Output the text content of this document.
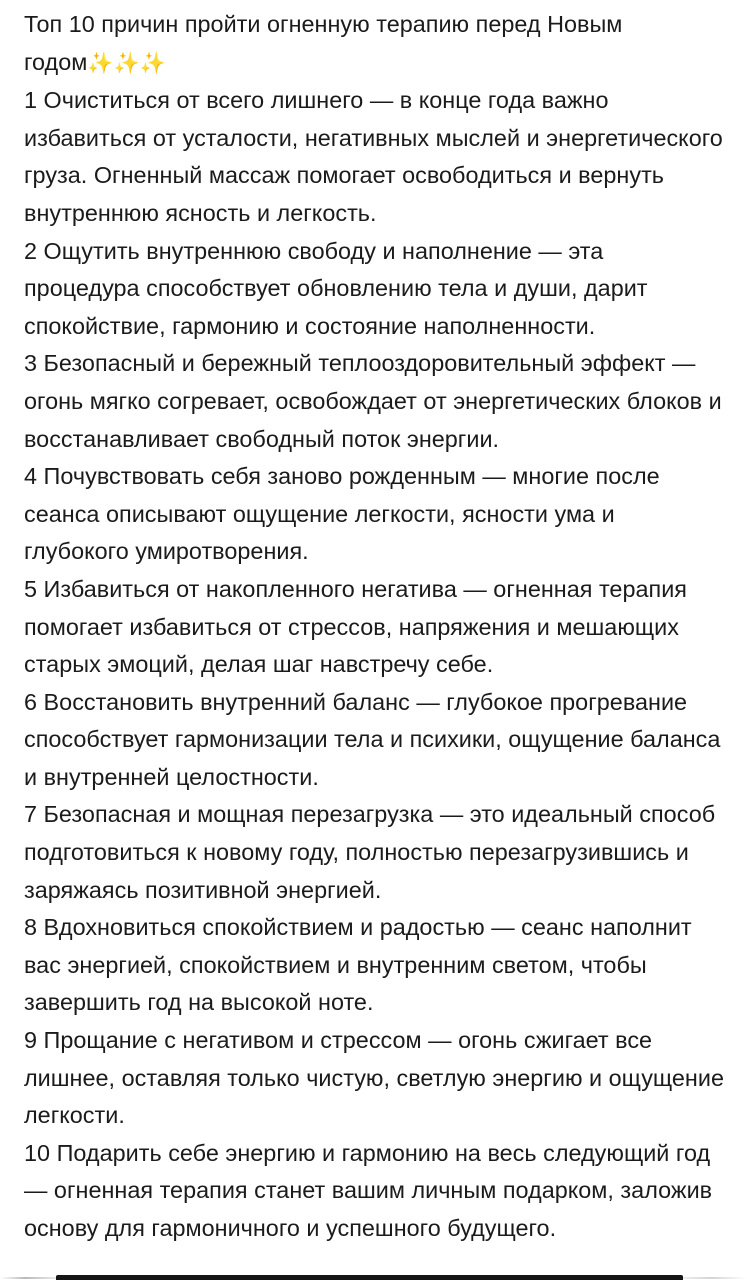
Топ 10 причин пройти огненную терапию перед Новым годом✨✨✨

1 Очиститься от всего лишнего — в конце года важно избавиться от усталости, негативных мыслей и энергетического груза. Огненный массаж помогает освободиться и вернуть внутреннюю ясность и легкость.

2 Ощутить внутреннюю свободу и наполнение — эта процедура способствует обновлению тела и души, дарит спокойствие, гармонию и состояние наполненности.

3 Безопасный и бережный теплооздоровительный эффект — огонь мягко согревает, освобождает от энергетических блоков и восстанавливает свободный поток энергии.

4 Почувствовать себя заново рожденным — многие после сеанса описывают ощущение легкости, ясности ума и глубокого умиротворения.

5 Избавиться от накопленного негатива — огненная терапия помогает избавиться от стрессов, напряжения и мешающих старых эмоций, делая шаг навстречу себе.

6 Восстановить внутренний баланс — глубокое прогревание способствует гармонизации тела и психики, ощущение баланса и внутренней целостности.

7 Безопасная и мощная перезагрузка — это идеальный способ подготовиться к новому году, полностью перезагрузившись и заряжаясь позитивной энергией.

8 Вдохновиться спокойствием и радостью — сеанс наполнит вас энергией, спокойствием и внутренним светом, чтобы завершить год на высокой ноте.

9 Прощание с негативом и стрессом — огонь сжигает все лишнее, оставляя только чистую, светлую энергию и ощущение легкости.

10 Подарить себе энергию и гармонию на весь следующий год — огненная терапия станет вашим личным подарком, заложив основу для гармоничного и успешного будущего.
